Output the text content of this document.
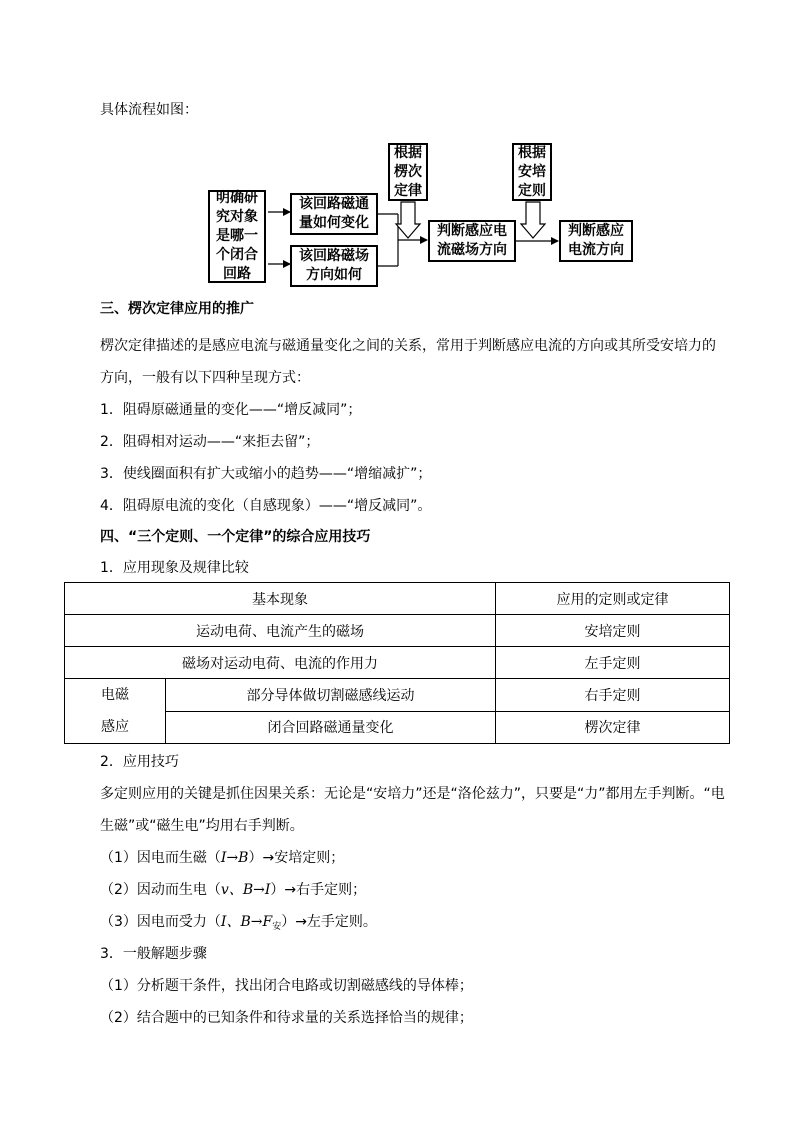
具体流程如图：
明确研
究对象
是哪一
个闭合
回路
该回路磁通
量如何变化
该回路磁场
方向如何
根据
楞次
定律
判断感应电
流磁场方向
根据
安培
定则
判断感应
电流方向
三、楞次定律应用的推广
楞次定律描述的是感应电流与磁通量变化之间的关系，常用于判断感应电流的方向或其所受安培力的
方向，一般有以下四种呈现方式：
1．阻碍原磁通量的变化——“增反减同”；
2．阻碍相对运动——“来拒去留”；
3．使线圈面积有扩大或缩小的趋势——“增缩减扩”；
4．阻碍原电流的变化（自感现象）——“增反减同”。
四、“三个定则、一个定律”的综合应用技巧
1．应用现象及规律比较
基本现象		应用的定则或定律
运动电荷、电流产生的磁场		安培定则
磁场对运动电荷、电流的作用力		左手定则

电磁
感应	部分导体做切割磁感线运动	右手定则
	闭合回路磁通量变化	楞次定律
2．应用技巧
多定则应用的关键是抓住因果关系：无论是“安培力”还是“洛伦兹力”，只要是“力”都用左手判断。“电
生磁”或“磁生电”均用右手判断。
（1）因电而生磁（I→B）→安培定则；
（2）因动而生电（v、B→I）→右手定则；
（3）因电而受力（I、$B\to F_安)\to$左手定则。
3．一般解题步骤
（1）分析题干条件，找出闭合电路或切割磁感线的导体棒；
（2）结合题中的已知条件和待求量的关系选择恰当的规律；
